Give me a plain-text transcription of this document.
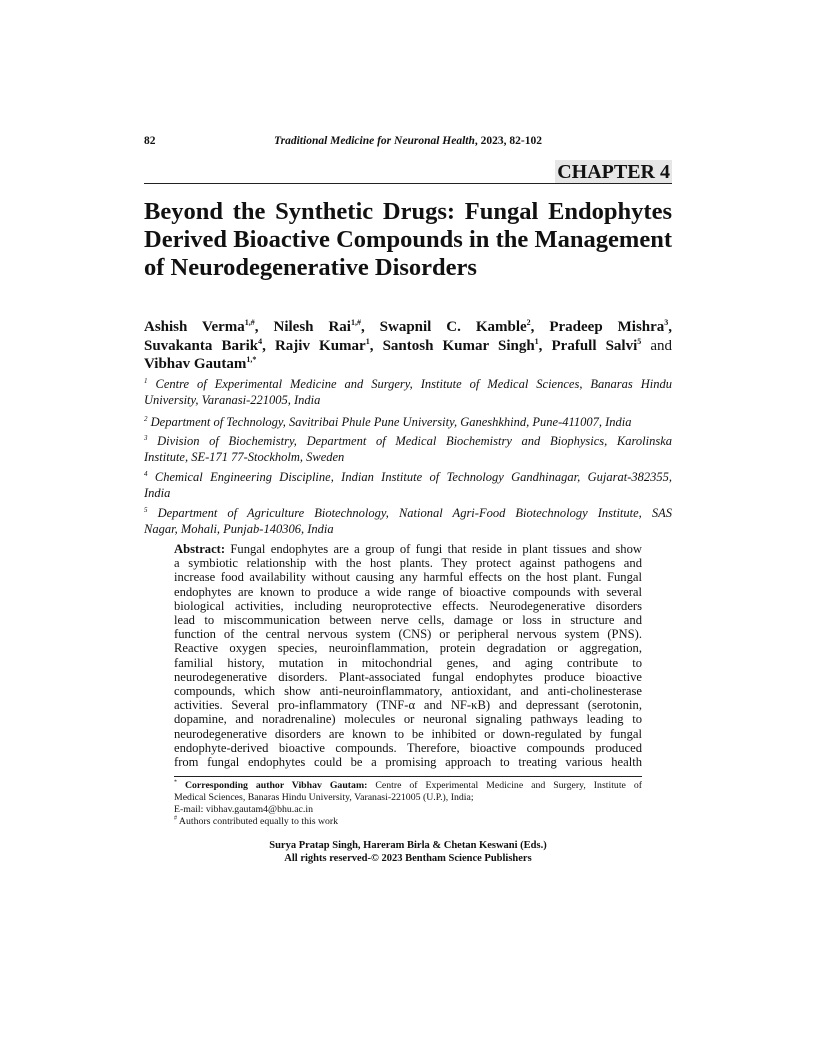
82	Traditional Medicine for Neuronal Health, 2023, 82-102
CHAPTER 4
Beyond the Synthetic Drugs: Fungal Endophytes
Derived Bioactive Compounds in the Management
of Neurodegenerative Disorders
Ashish Verma$^{1,\#}$, Nilesh Rai$^{1,\#}$, Swapnil C. Kamble$^2$, Pradeep Mishra$^3$,
Suvakanta Barik$^4$, Rajiv Kumar$^1$, Santosh Kumar Singh$^1$, Prafull Salvi$^5$ and
Vibhav Gautam$^{1,*}$
$^1$ Centre of Experimental Medicine and Surgery, Institute of Medical Sciences, Banaras Hindu
University, Varanasi-221005, India
$^2$ Department of Technology, Savitribai Phule Pune University, Ganeshkhind, Pune-411007, India
$^3$ Division of Biochemistry, Department of Medical Biochemistry and Biophysics, Karolinska
Institute, SE-171 77-Stockholm, Sweden
$^4$ Chemical Engineering Discipline, Indian Institute of Technology Gandhinagar, Gujarat-382355,
India
$^5$ Department of Agriculture Biotechnology, National Agri-Food Biotechnology Institute, SAS
Nagar, Mohali, Punjab-140306, India
Abstract: Fungal endophytes are a group of fungi that reside in plant tissues and show
a symbiotic relationship with the host plants. They protect against pathogens and
increase food availability without causing any harmful effects on the host plant. Fungal
endophytes are known to produce a wide range of bioactive compounds with several
biological activities, including neuroprotective effects. Neurodegenerative disorders
lead to miscommunication between nerve cells, damage or loss in structure and
function of the central nervous system (CNS) or peripheral nervous system (PNS).
Reactive oxygen species, neuroinflammation, protein degradation or aggregation,
familial history, mutation in mitochondrial genes, and aging contribute to
neurodegenerative disorders. Plant-associated fungal endophytes produce bioactive
compounds, which show anti-neuroinflammatory, antioxidant, and anti-cholinesterase
activities. Several pro-inflammatory (TNF-α and NF-κB) and depressant (serotonin,
dopamine, and noradrenaline) molecules or neuronal signaling pathways leading to
neurodegenerative disorders are known to be inhibited or down-regulated by fungal
endophyte-derived bioactive compounds. Therefore, bioactive compounds produced
from fungal endophytes could be a promising approach to treating various health
* Corresponding author Vibhav Gautam: Centre of Experimental Medicine and Surgery, Institute of
Medical Sciences, Banaras Hindu University, Varanasi-221005 (U.P.), India;
E-mail: vibhav.gautam4@bhu.ac.in
# Authors contributed equally to this work
Surya Pratap Singh, Hareram Birla & Chetan Keswani (Eds.)
All rights reserved-© 2023 Bentham Science Publishers
